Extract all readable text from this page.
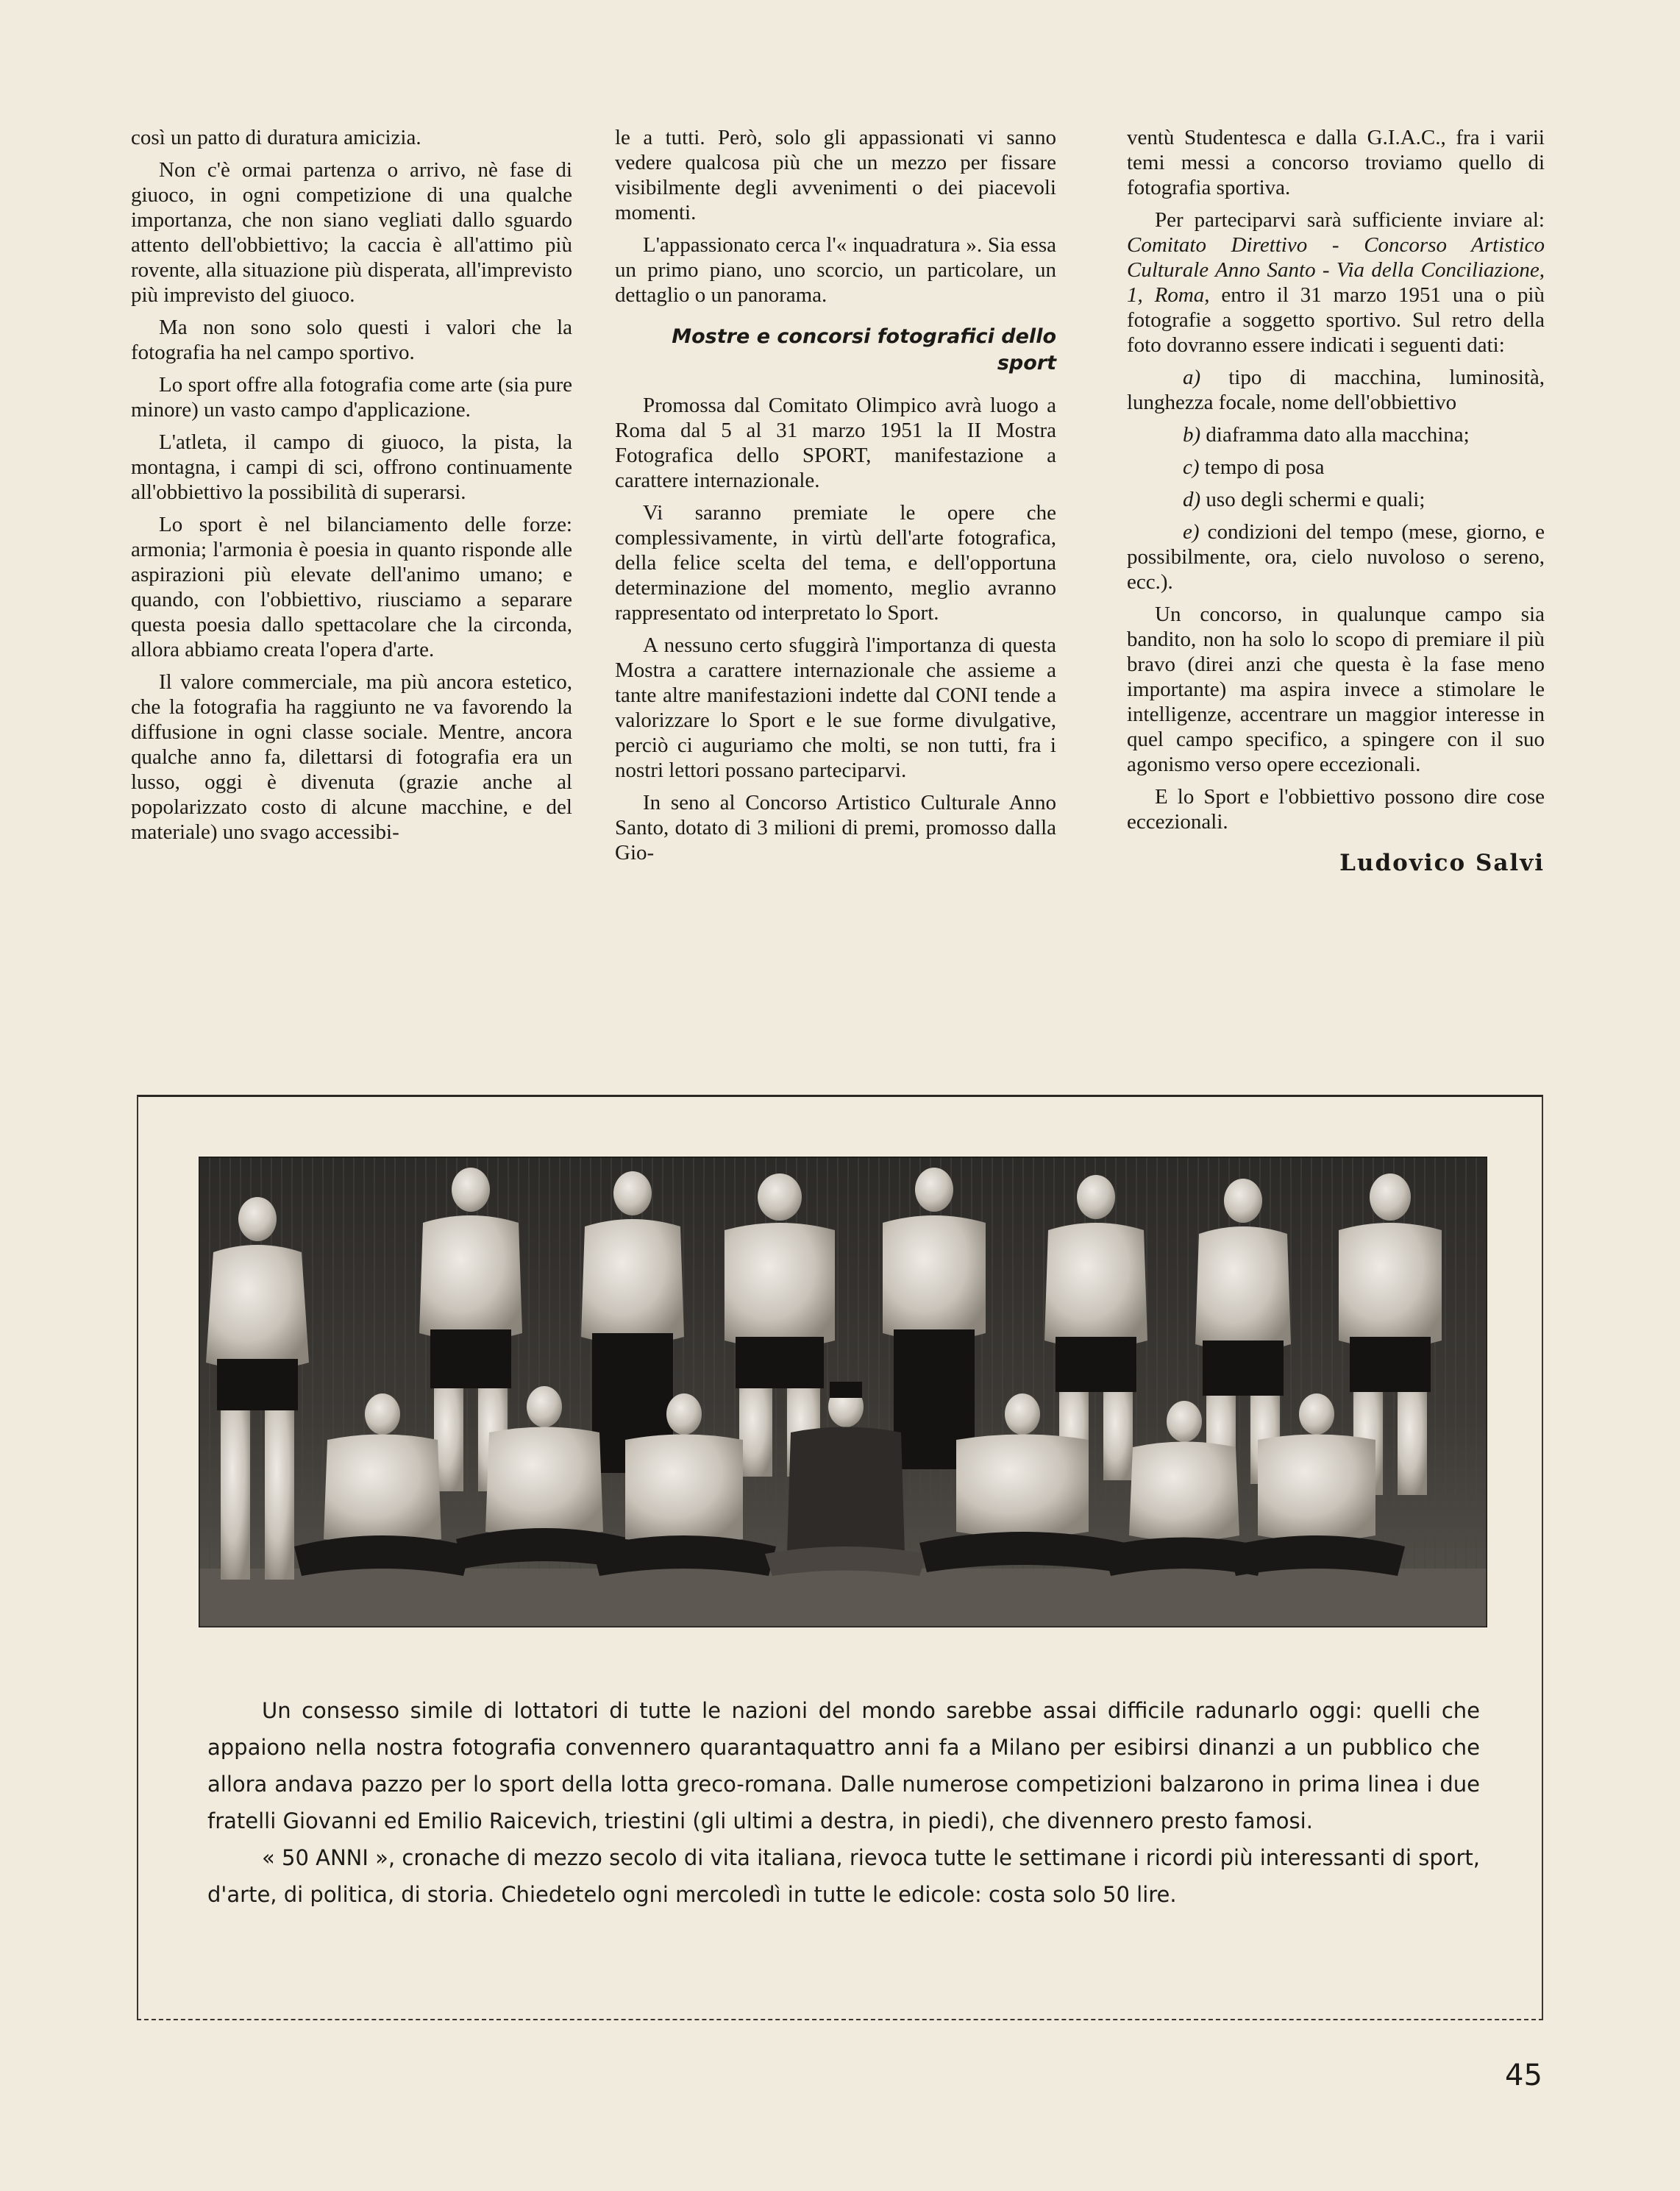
così un patto di duratura amicizia.

Non c'è ormai partenza o arrivo, nè fase di giuoco, in ogni competizione di una qualche importanza, che non siano vegliati dallo sguardo attento dell'obbiettivo; la caccia è all'attimo più rovente, alla situazione più disperata, all'imprevisto più imprevisto del giuoco.

Ma non sono solo questi i valori che la fotografia ha nel campo sportivo.

Lo sport offre alla fotografia come arte (sia pure minore) un vasto campo d'applicazione.

L'atleta, il campo di giuoco, la pista, la montagna, i campi di sci, offrono continuamente all'obbiettivo la possibilità di superarsi.

Lo sport è nel bilanciamento delle forze: armonia; l'armonia è poesia in quanto risponde alle aspirazioni più elevate dell'animo umano; e quando, con l'obbiettivo, riusciamo a separare questa poesia dallo spettacolare che la circonda, allora abbiamo creata l'opera d'arte.

Il valore commerciale, ma più ancora estetico, che la fotografia ha raggiunto ne va favorendo la diffusione in ogni classe sociale. Mentre, ancora qualche anno fa, dilettarsi di fotografia era un lusso, oggi è divenuta (grazie anche al popolarizzato costo di alcune macchine, e del materiale) uno svago accessibi-

le a tutti. Però, solo gli appassionati vi sanno vedere qualcosa più che un mezzo per fissare visibilmente degli avvenimenti o dei piacevoli momenti.

L'appassionato cerca l'« inquadratura ». Sia essa un primo piano, uno scorcio, un particolare, un dettaglio o un panorama.

Mostre e concorsi fotografici dello sport

Promossa dal Comitato Olimpico avrà luogo a Roma dal 5 al 31 marzo 1951 la II Mostra Fotografica dello SPORT, manifestazione a carattere internazionale.

Vi saranno premiate le opere che complessivamente, in virtù dell'arte fotografica, della felice scelta del tema, e dell'opportuna determinazione del momento, meglio avranno rappresentato od interpretato lo Sport.

A nessuno certo sfuggirà l'importanza di questa Mostra a carattere internazionale che assieme a tante altre manifestazioni indette dal CONI tende a valorizzare lo Sport e le sue forme divulgative, perciò ci auguriamo che molti, se non tutti, fra i nostri lettori possano parteciparvi.

In seno al Concorso Artistico Culturale Anno Santo, dotato di 3 milioni di premi, promosso dalla Gio-

ventù Studentesca e dalla G.I.A.C., fra i varii temi messi a concorso troviamo quello di fotografia sportiva.

Per parteciparvi sarà sufficiente inviare al: Comitato Direttivo - Concorso Artistico Culturale Anno Santo - Via della Conciliazione, 1, Roma, entro il 31 marzo 1951 una o più fotografie a soggetto sportivo. Sul retro della foto dovranno essere indicati i seguenti dati:

a) tipo di macchina, luminosità, lunghezza focale, nome dell'obbiettivo

b) diaframma dato alla macchina;

c) tempo di posa

d) uso degli schermi e quali;

e) condizioni del tempo (mese, giorno, e possibilmente, ora, cielo nuvoloso o sereno, ecc.).

Un concorso, in qualunque campo sia bandito, non ha solo lo scopo di premiare il più bravo (direi anzi che questa è la fase meno importante) ma aspira invece a stimolare le intelligenze, accentrare un maggior interesse in quel campo specifico, a spingere con il suo agonismo verso opere eccezionali.

E lo Sport e l'obbiettivo possono dire cose eccezionali.

Ludovico Salvi

Un consesso simile di lottatori di tutte le nazioni del mondo sarebbe assai difficile radunarlo oggi: quelli che appaiono nella nostra fotografia convennero quarantaquattro anni fa a Milano per esibirsi dinanzi a un pubblico che allora andava pazzo per lo sport della lotta greco-romana. Dalle numerose competizioni balzarono in prima linea i due fratelli Giovanni ed Emilio Raicevich, triestini (gli ultimi a destra, in piedi), che divennero presto famosi.

« 50 ANNI », cronache di mezzo secolo di vita italiana, rievoca tutte le settimane i ricordi più interessanti di sport, d'arte, di politica, di storia. Chiedetelo ogni mercoledì in tutte le edicole: costa solo 50 lire.

45
